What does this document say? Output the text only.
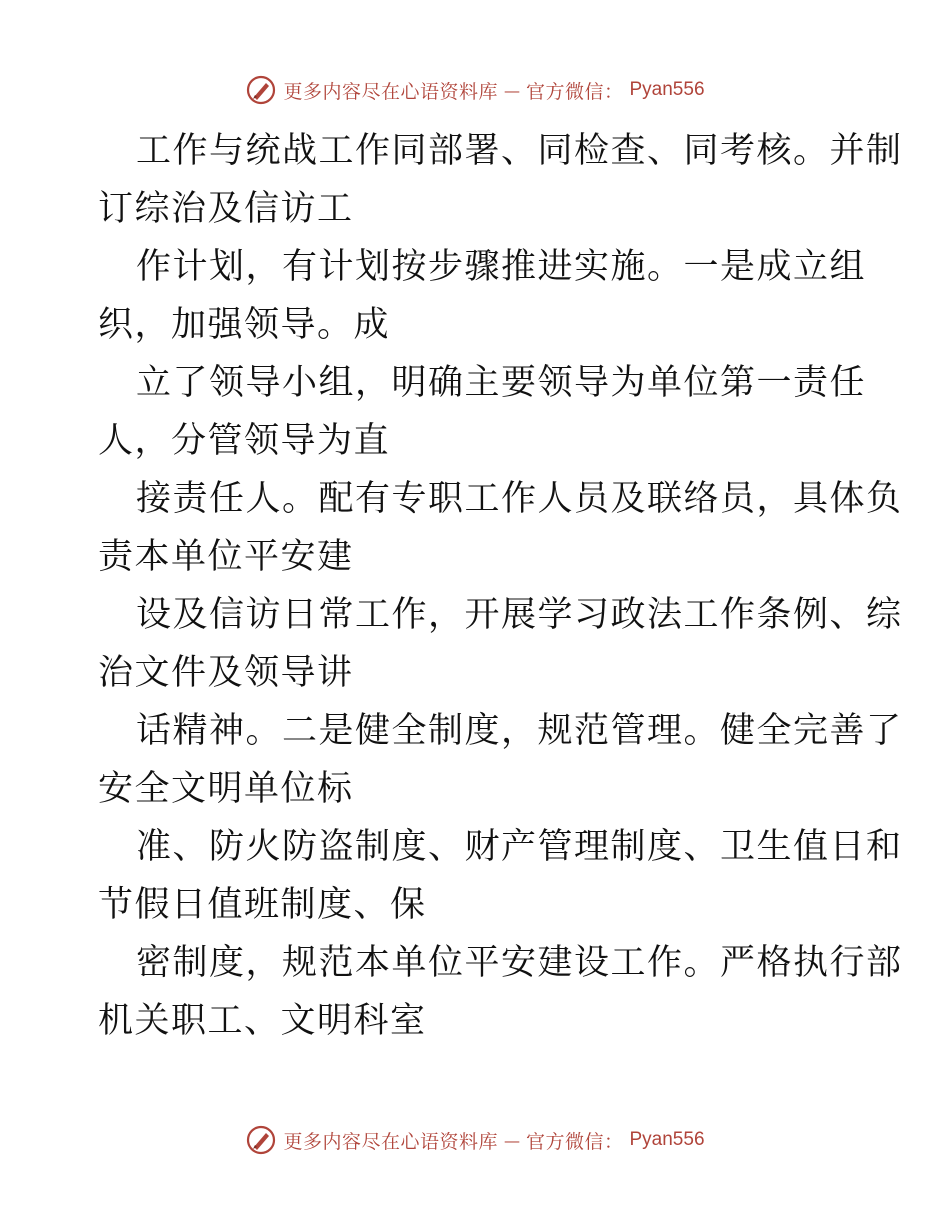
更多内容尽在心语资料库 — 官方微信： Pyan556
工作与统战工作同部署、同检查、同考核。并制
订综治及信访工
作计划，有计划按步骤推进实施。一是成立组
织，加强领导。成
立了领导小组，明确主要领导为单位第一责任
人，分管领导为直
接责任人。配有专职工作人员及联络员，具体负
责本单位平安建
设及信访日常工作，开展学习政法工作条例、综
治文件及领导讲
话精神。二是健全制度，规范管理。健全完善了
安全文明单位标
准、防火防盗制度、财产管理制度、卫生值日和
节假日值班制度、保
密制度，规范本单位平安建设工作。严格执行部
机关职工、文明科室
更多内容尽在心语资料库 — 官方微信： Pyan556
